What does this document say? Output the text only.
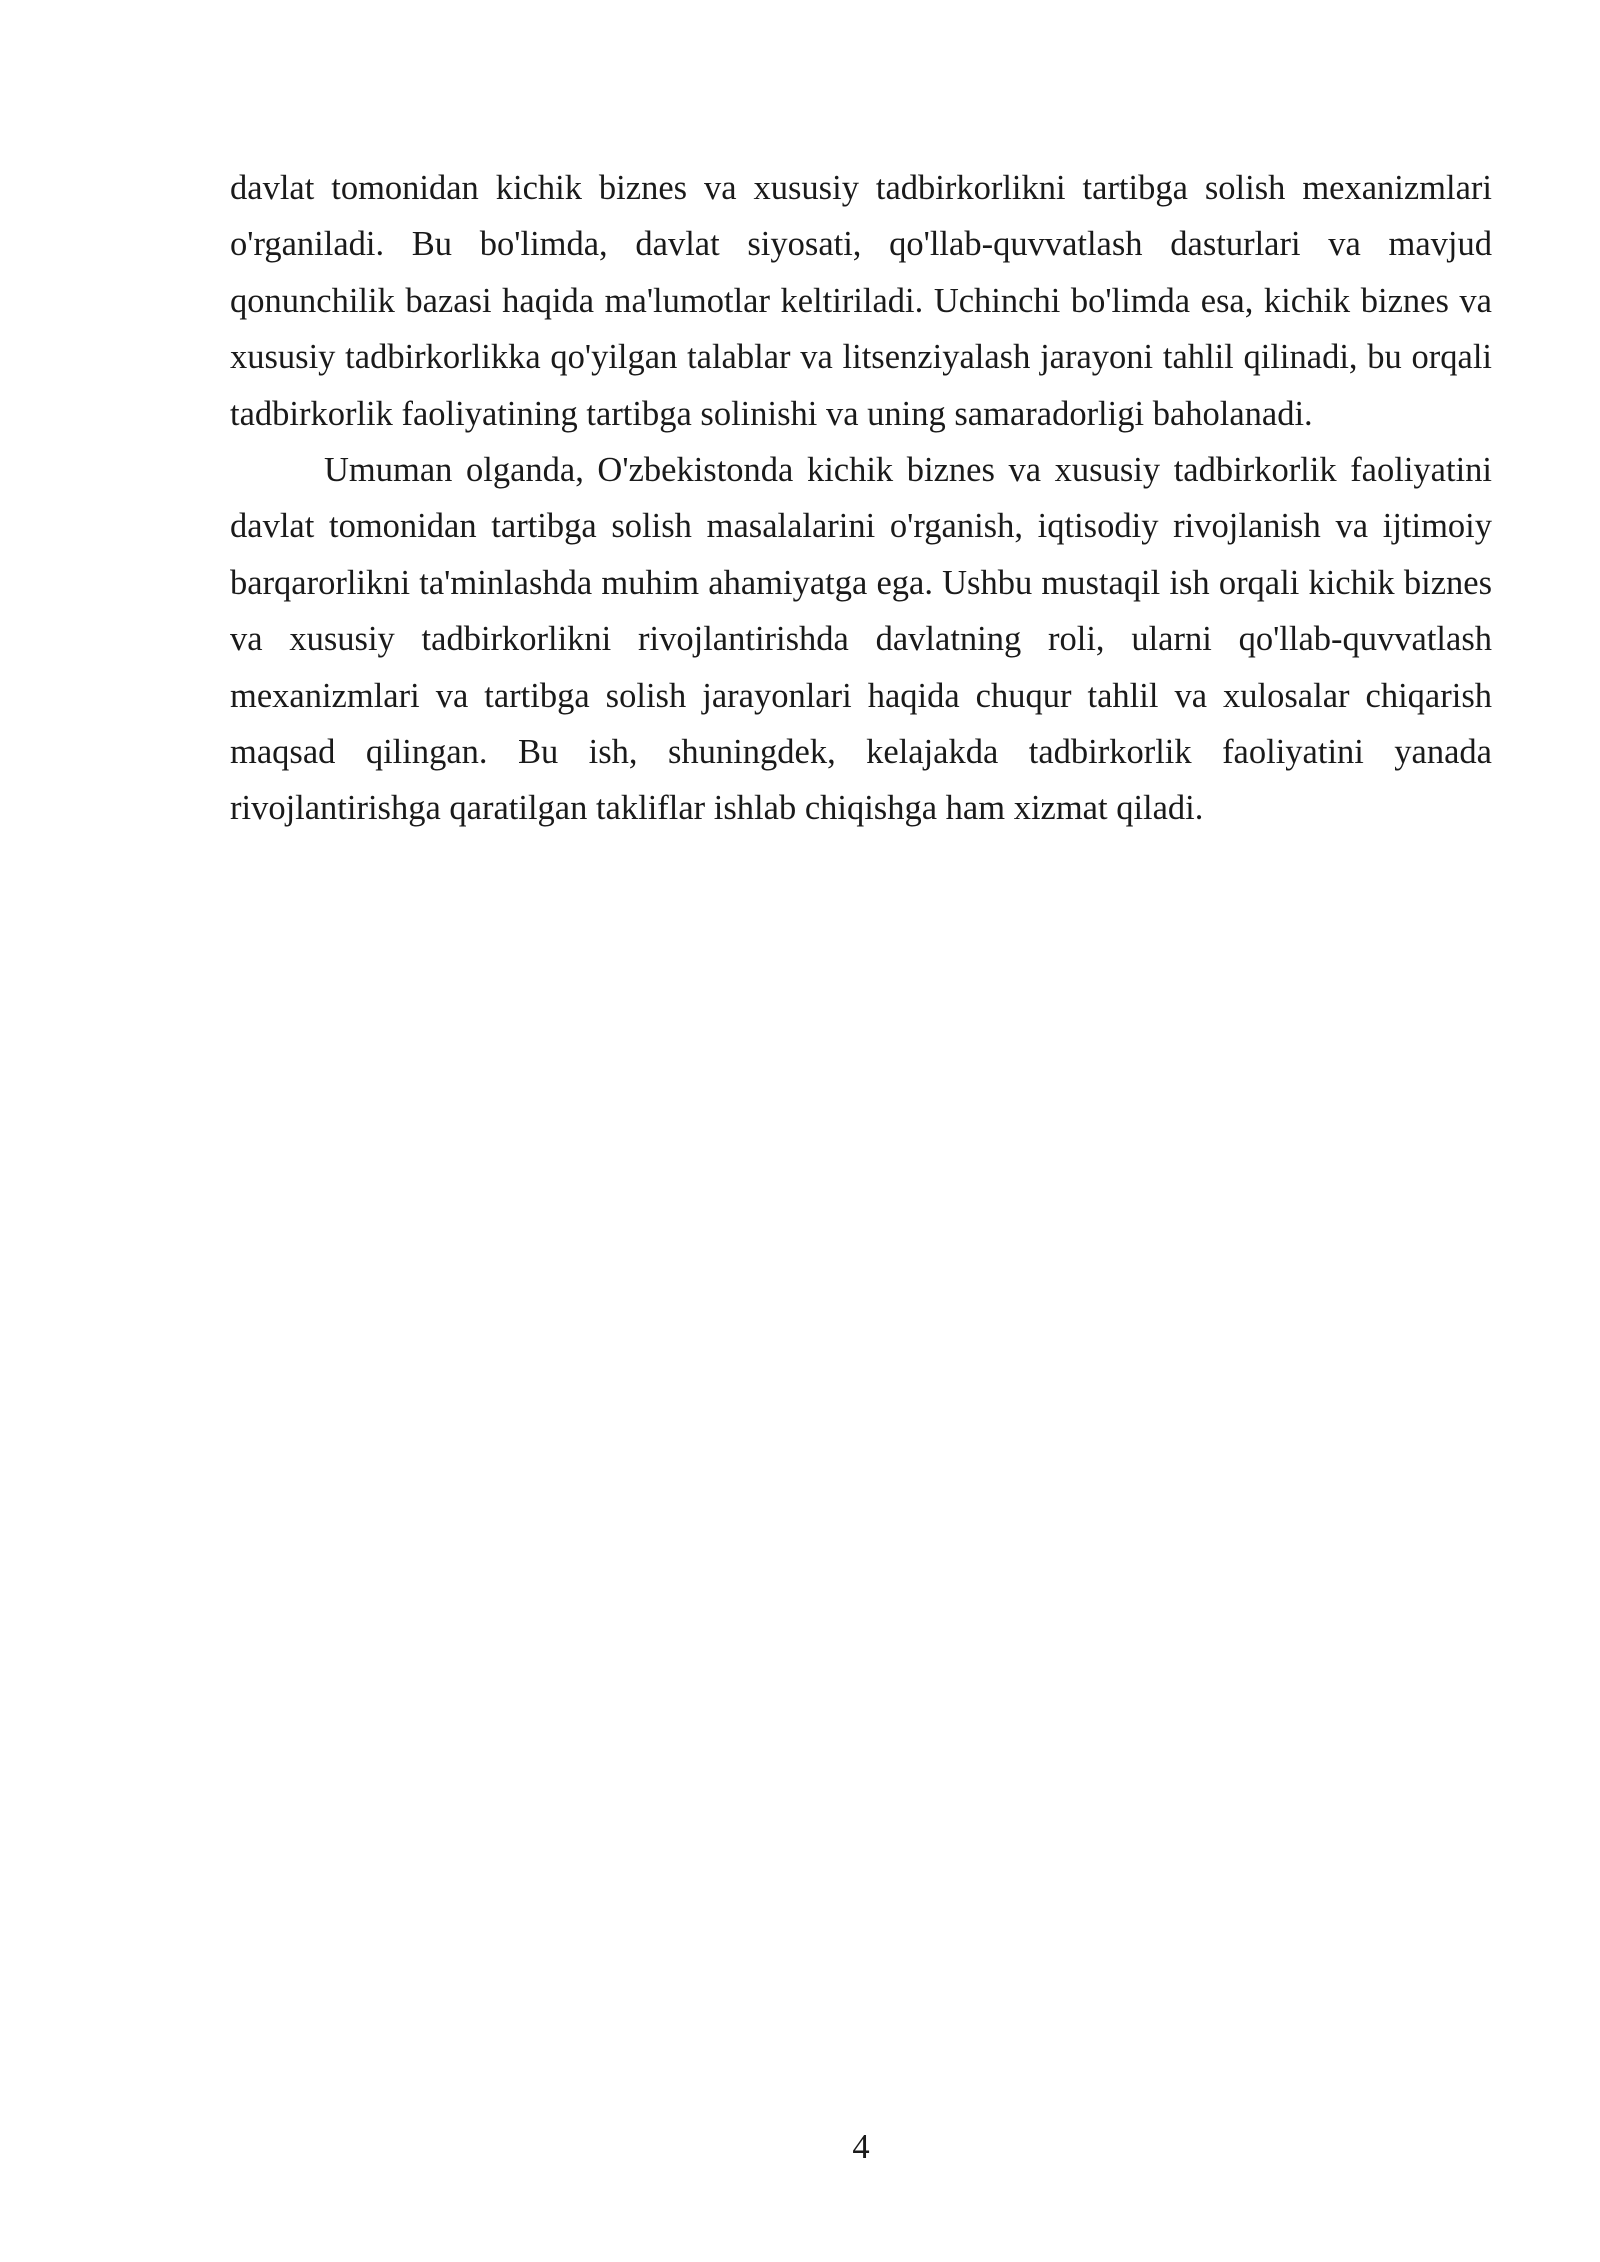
davlat tomonidan kichik biznes va xususiy tadbirkorlikni tartibga solish mexanizmlari o'rganiladi. Bu bo'limda, davlat siyosati, qo'llab-quvvatlash dasturlari va mavjud qonunchilik bazasi haqida ma'lumotlar keltiriladi. Uchinchi bo'limda esa, kichik biznes va xususiy tadbirkorlikka qo'yilgan talablar va litsenziyalash jarayoni tahlil qilinadi, bu orqali tadbirkorlik faoliyatining tartibga solinishi va uning samaradorligi baholanadi.

Umuman olganda, O'zbekistonda kichik biznes va xususiy tadbirkorlik faoliyatini davlat tomonidan tartibga solish masalalarini o'rganish, iqtisodiy rivojlanish va ijtimoiy barqarorlikni ta'minlashda muhim ahamiyatga ega. Ushbu mustaqil ish orqali kichik biznes va xususiy tadbirkorlikni rivojlantirishda davlatning roli, ularni qo'llab-quvvatlash mexanizmlari va tartibga solish jarayonlari haqida chuqur tahlil va xulosalar chiqarish maqsad qilingan. Bu ish, shuningdek, kelajakda tadbirkorlik faoliyatini yanada rivojlantirishga qaratilgan takliflar ishlab chiqishga ham xizmat qiladi.

4
